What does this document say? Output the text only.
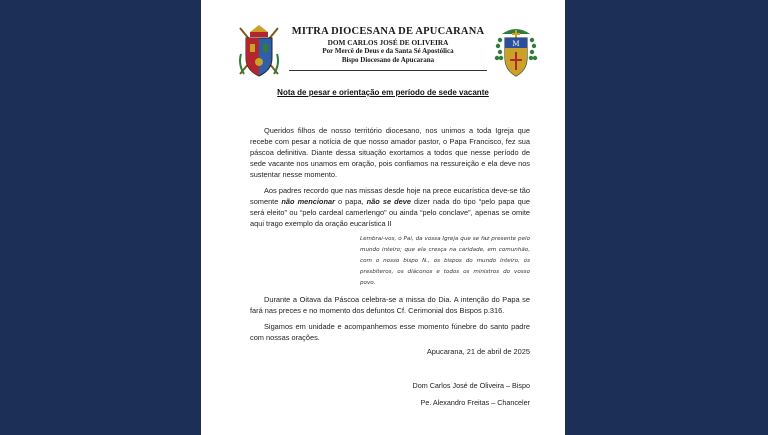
MITRA DIOCESANA DE APUCARANA
DOM CARLOS JOSÉ DE OLIVEIRA
Por Mercê de Deus e da Santa Sé Apostólica
Bispo Diocesano de Apucarana
M
Nota de pesar e orientação em período de sede vacante

Queridos filhos de nosso território diocesano, nos unimos a toda Igreja que recebe com pesar a notícia de que nosso amador pastor, o Papa Francisco, fez sua páscoa definitiva. Diante dessa situação exortamos a todos que nesse período de sede vacante nos unamos em oração, pois confiamos na ressureição e ela deve nos sustentar nesse momento.

Aos padres recordo que nas missas desde hoje na prece eucarística deve-se tão somente não mencionar o papa, não se deve dizer nada do tipo “pelo papa que será eleito” ou “pelo cardeal camerlengo” ou ainda “pelo conclave”, apenas se omite aqui trago exemplo da oração eucarística II

Lembrai-vos, ó Pai, da vossa Igreja que se faz presente pelo mundo inteiro; que ela cresça na caridade, em comunhão, com o nosso bispo N., os bispos do mundo inteiro, os presbíteros, os diáconos e todos os ministros do vosso povo.

Durante a Oitava da Páscoa celebra-se a missa do Dia. A intenção do Papa se fará nas preces e no momento dos defuntos Cf. Cerimonial dos Bispos p.316.

Sigamos em unidade e acompanhemos esse momento fúnebre do santo padre com nossas orações.

Apucarana, 21 de abril de 2025
Dom Carlos José de Oliveira – Bispo
Pe. Alexandro Freitas – Chanceler
